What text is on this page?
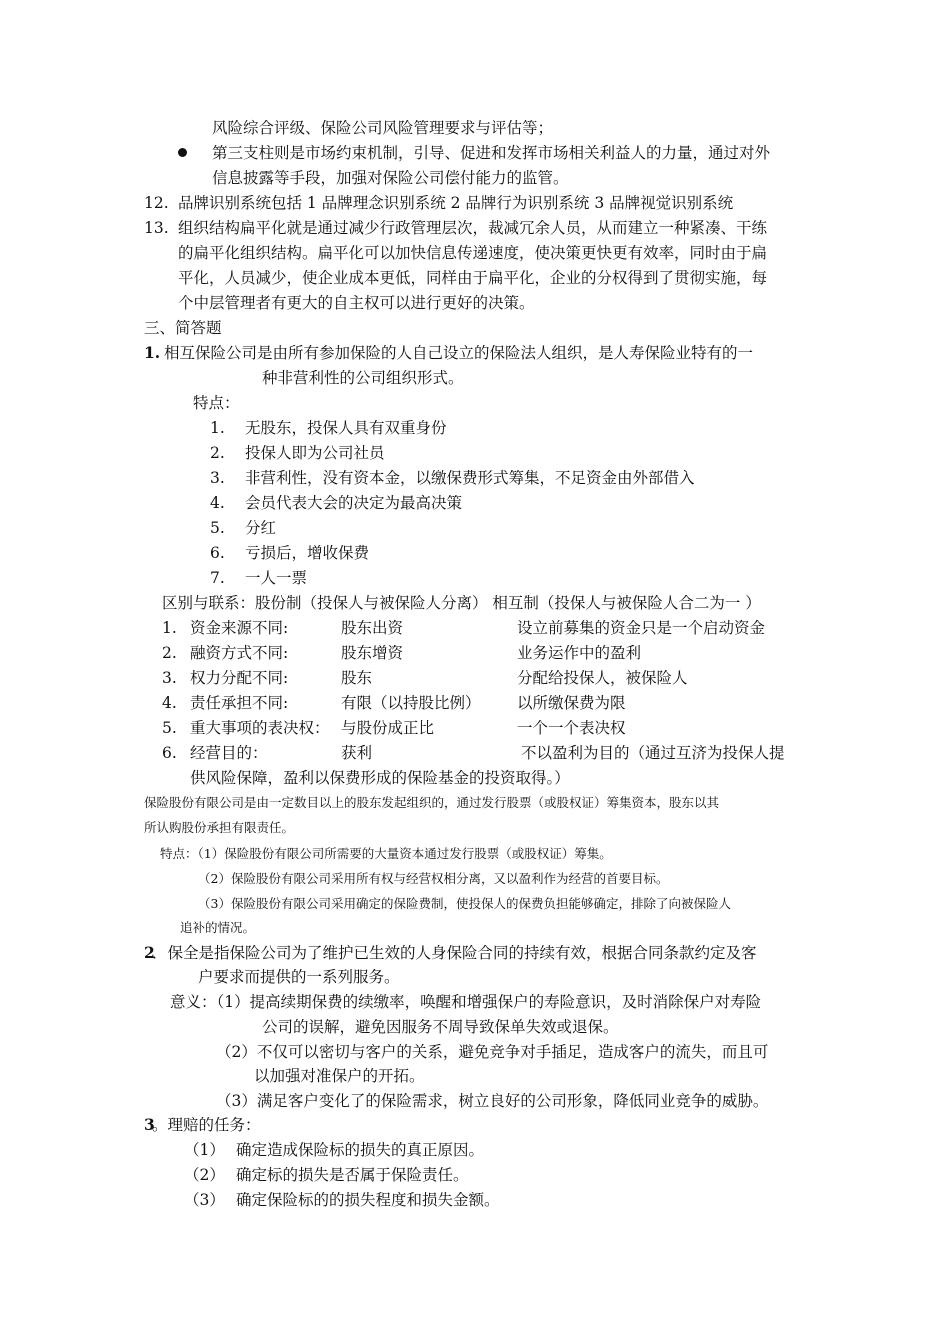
风险综合评级、保险公司风险管理要求与评估等；
第三支柱则是市场约束机制，引导、促进和发挥市场相关利益人的力量，通过对外
信息披露等手段，加强对保险公司偿付能力的监管。
12. 品牌识别系统包括 1 品牌理念识别系统 2 品牌行为识别系统 3 品牌视觉识别系统
13. 组织结构扁平化就是通过减少行政管理层次，裁减冗余人员，从而建立一种紧凑、干练
的扁平化组织结构。扁平化可以加快信息传递速度，使决策更快更有效率，同时由于扁
平化，人员减少，使企业成本更低，同样由于扁平化，企业的分权得到了贯彻实施，每
个中层管理者有更大的自主权可以进行更好的决策。
三、简答题
1. 相互保险公司是由所有参加保险的人自己设立的保险法人组织，是人寿保险业特有的一
种非营利性的公司组织形式。
特点：
1. 无股东，投保人具有双重身份
2. 投保人即为公司社员
3. 非营利性，没有资本金，以缴保费形式筹集，不足资金由外部借入
4. 会员代表大会的决定为最高决策
5. 分红
6. 亏损后，增收保费
7. 一人一票
区别与联系：股份制（投保人与被保险人分离） 相互制（投保人与被保险人合二为一 ）
1. 资金来源不同:	股东出资	设立前募集的资金只是一个启动资金
2. 融资方式不同:	股东增资	业务运作中的盈利
3. 权力分配不同:	股东	分配给投保人，被保险人
4. 责任承担不同:	有限（以持股比例） 以所缴保费为限
5. 重大事项的表决权： 与股份成正比	一个一个表决权
6. 经营目的：	获利	不以盈利为目的（通过互济为投保人提
供风险保障，盈利以保费形成的保险基金的投资取得。）
保险股份有限公司是由一定数目以上的股东发起组织的，通过发行股票（或股权证）筹集资本，股东以其
所认购股份承担有限责任。
特点：（1）保险股份有限公司所需要的大量资本通过发行股票（或股权证）筹集。
（2）保险股份有限公司采用所有权与经营权相分离，又以盈利作为经营的首要目标。
（3）保险股份有限公司采用确定的保险费制，使投保人的保费负担能够确定，排除了向被保险人
追补的情况。
2
．保全是指保险公司为了维护已生效的人身保险合同的持续有效，根据合同条款约定及客
户要求而提供的一系列服务。
意义：（1）提高续期保费的续缴率，唤醒和增强保户的寿险意识，及时消除保户对寿险
公司的误解，避免因服务不周导致保单失效或退保。
（2）不仅可以密切与客户的关系，避免竞争对手插足，造成客户的流失，而且可
以加强对准保户的开拓。
（3）满足客户变化了的保险需求，树立良好的公司形象，降低同业竞争的威胁。
3
。理赔的任务：
（1） 确定造成保险标的损失的真正原因。
（2） 确定标的损失是否属于保险责任。
（3） 确定保险标的的损失程度和损失金额。
